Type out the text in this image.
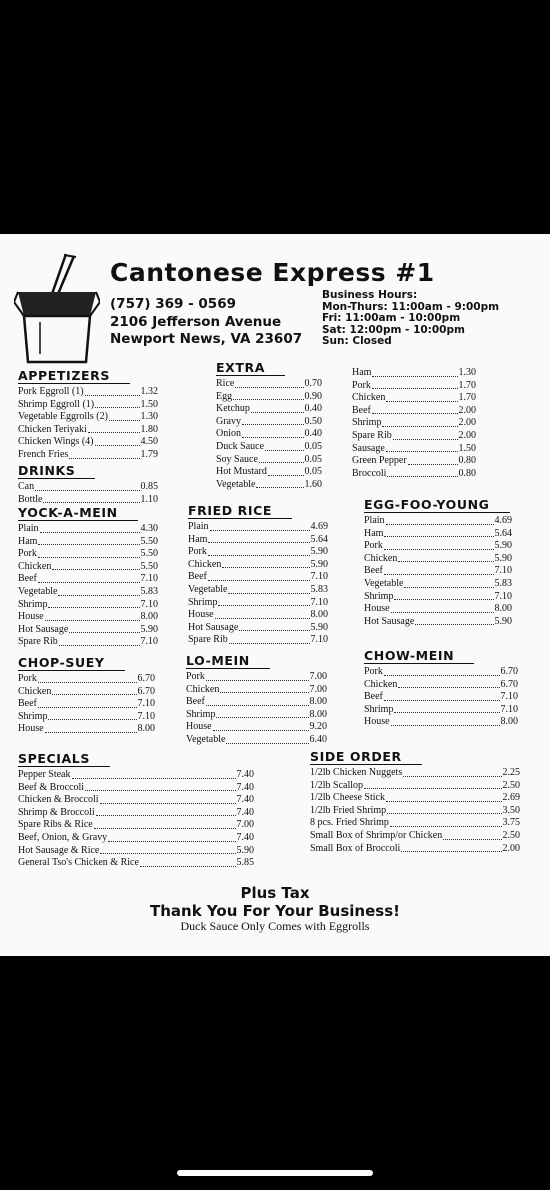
Cantonese Express #1
(757) 369 - 0569
2106 Jefferson Avenue
Newport News, VA 23607
Business Hours:
Mon-Thurs: 11:00am - 9:00pm
Fri: 11:00am - 10:00pm
Sat: 12:00pm - 10:00pm
Sun: Closed
APPETIZERS
Pork Eggroll (1)	1.32
Shrimp Eggroll (1)	1.50
Vegetable Eggrolls (2)	1.30
Chicken Teriyaki	1.80
Chicken Wings (4)	4.50
French Fries	1.79
DRINKS
Can	0.85
Bottle	1.10
YOCK-A-MEIN
Plain	4.30
Ham	5.50
Pork	5.50
Chicken	5.50
Beef	7.10
Vegetable	5.83
Shrimp	7.10
House	8.00
Hot Sausage	5.90
Spare Rib	7.10
CHOP-SUEY
Pork	6.70
Chicken	6.70
Beef	7.10
Shrimp	7.10
House	8.00
EXTRA
Rice	0.70
Egg	0.90
Ketchup	0.40
Gravy	0.50
Onion	0.40
Duck Sauce	0.05
Soy Sauce	0.05
Hot Mustard	0.05
Vegetable	1.60
Ham	1.30
Pork	1.70
Chicken	1.70
Beef	2.00
Shrimp	2.00
Spare Rib	2.00
Sausage	1.50
Green Pepper	0.80
Broccoli	0.80
FRIED RICE
Plain	4.69
Ham	5.64
Pork	5.90
Chicken	5.90
Beef	7.10
Vegetable	5.83
Shrimp	7.10
House	8.00
Hot Sausage	5.90
Spare Rib	7.10
LO-MEIN
Pork	7.00
Chicken	7.00
Beef	8.00
Shrimp	8.00
House	9.20
Vegetable	6.40
EGG-FOO-YOUNG
Plain	4.69
Ham	5.64
Pork	5.90
Chicken	5.90
Beef	7.10
Vegetable	5.83
Shrimp	7.10
House	8.00
Hot Sausage	5.90
CHOW-MEIN
Pork	6.70
Chicken	6.70
Beef	7.10
Shrimp	7.10
House	8.00
SPECIALS
Pepper Steak	7.40
Beef & Broccoli	7.40
Chicken & Broccoli	7.40
Shrimp & Broccoli	7.40
Spare Ribs & Rice	7.00
Beef, Onion, & Gravy	7.40
Hot Sausage & Rice	5.90
General Tso's Chicken & Rice	5.85
SIDE ORDER
1/2lb Chicken Nuggets	2.25
1/2lb Scallop	2.50
1/2lb Cheese Stick	2.69
1/2lb Fried Shrimp	3.50
8 pcs. Fried Shrimp	3.75
Small Box of Shrimp/or Chicken	2.50
Small Box of Broccoli	2.00
Plus Tax
Thank You For Your Business!
Duck Sauce Only Comes with Eggrolls
